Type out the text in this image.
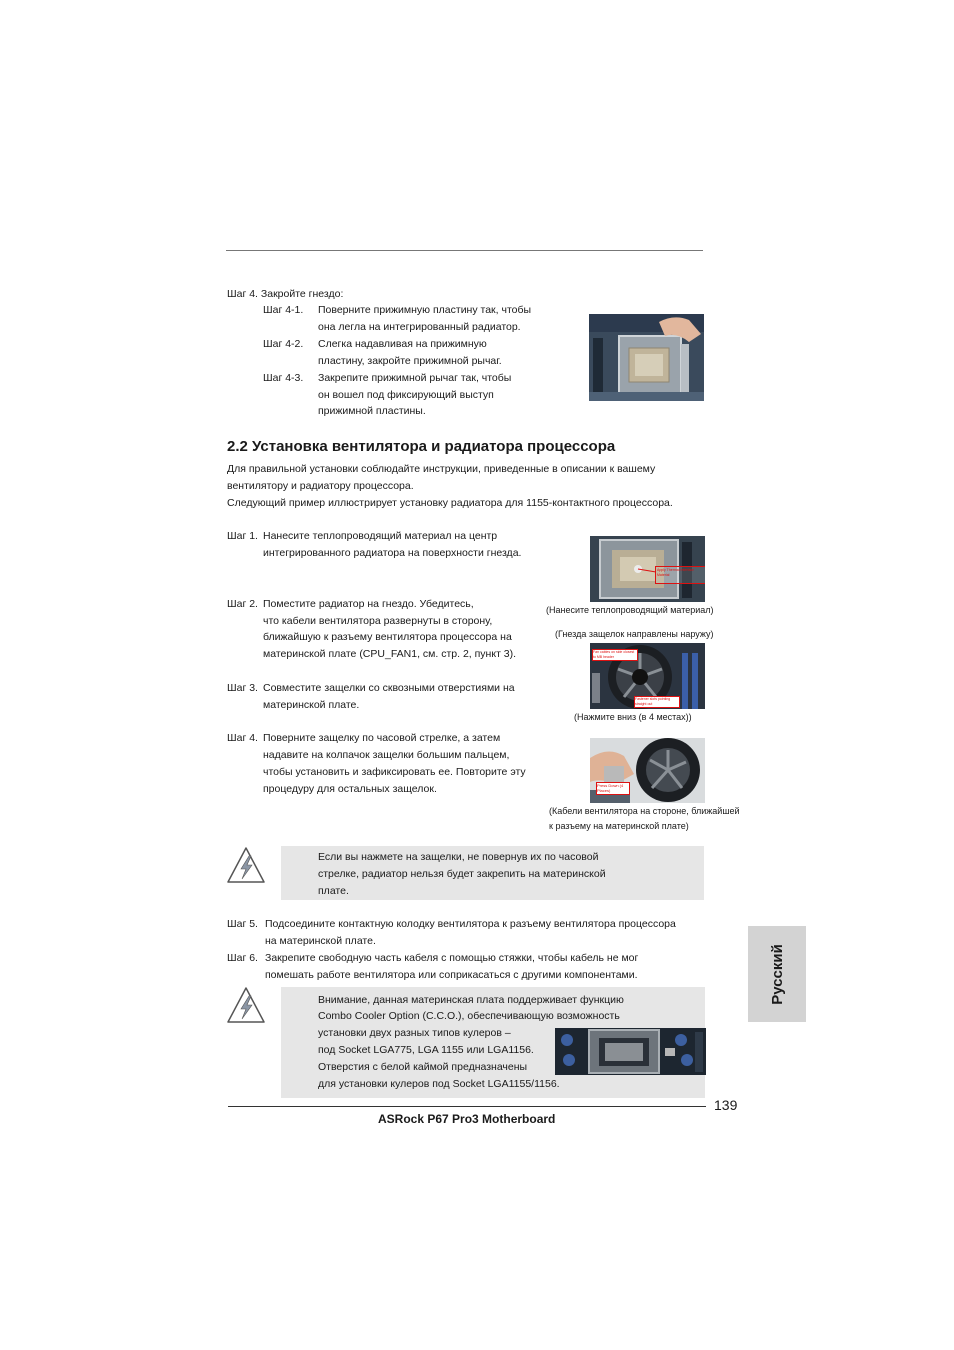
Шаг 4. Закройте гнездо:
Шаг 4-1. Поверните прижимную пластину так, чтобы
она легла на интегрированный радиатор.
Шаг 4-2. Слегка надавливая на прижимную
пластину, закройте прижимной рычаг.
Шаг 4-3. Закрепите прижимной рычаг так, чтобы
он вошел под фиксирующий выступ
прижимной пластины.
2.2 Установка вентилятора и радиатора процессора
Для правильной установки соблюдайте инструкции, приведенные в описании к вашему
вентилятору и радиатору процессора.
Следующий пример иллюстрирует установку радиатора для 1155-контактного процессора.
Шаг 1. Нанесите теплопроводящий материал на центр
интегрированного радиатора на поверхности гнезда.
Apply Thermal Interface Material
(Нанесите теплопроводящий материал)
Шаг 2. Поместите радиатор на гнездо. Убедитесь,
что кабели вентилятора развернуты в сторону,
ближайшую к разъему вентилятора процессора на
материнской плате (CPU_FAN1, см. стр. 2, пункт 3).
(Гнезда защелок направлены наружу)
Fan cables on side closest to MB header
Fastener slots pointing straight out
(Нажмите вниз (в 4 местах))
Шаг 3. Совместите защелки со сквозными отверстиями на
материнской плате.
Шаг 4. Поверните защелку по часовой стрелке, а затем
надавите на колпачок защелки большим пальцем,
чтобы установить и зафиксировать ее. Повторите эту
процедуру для остальных защелок.	Press Down (4 Places)
(Кабели вентилятора на стороне, ближайшей
к разъему на материнской плате)
Если вы нажмете на защелки, не повернув их по часовой
стрелке, радиатор нельзя будет закрепить на материнской
плате.
Шаг 5. Подсоедините контактную колодку вентилятора к разъему вентилятора процессора
на материнской плате.
Шаг 6. Закрепите свободную часть кабеля с помощью стяжки, чтобы кабель не мог
помешать работе вентилятора или соприкасаться с другими компонентами.	Русский
Внимание, данная материнская плата поддерживает функцию
Combo Cooler Option (C.C.O.), обеспечивающую возможность
установки двух разных типов кулеров –
под Socket LGA775, LGA 1155 или LGA1156.
Отверстия с белой каймой предназначены
для установки кулеров под Socket LGA1155/1156.
139
ASRock P67 Pro3 Motherboard
